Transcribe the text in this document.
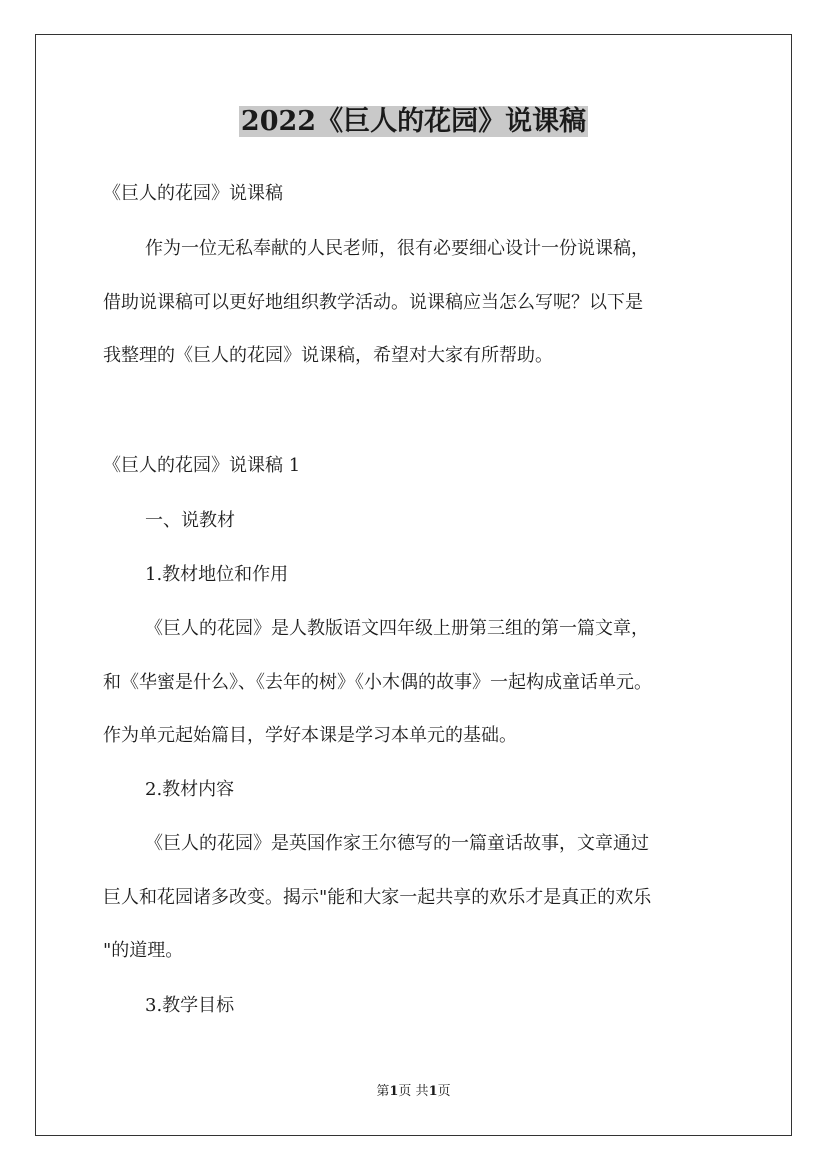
2022《巨人的花园》说课稿
《巨人的花园》说课稿
作为一位无私奉献的人民老师，很有必要细心设计一份说课稿，
借助说课稿可以更好地组织教学活动。说课稿应当怎么写呢？以下是
我整理的《巨人的花园》说课稿，希望对大家有所帮助。
《巨人的花园》说课稿 1
一、说教材
1.教材地位和作用
《巨人的花园》是人教版语文四年级上册第三组的第一篇文章，
和《华蜜是什么》、《去年的树》《小木偶的故事》一起构成童话单元。
作为单元起始篇目，学好本课是学习本单元的基础。
2.教材内容
《巨人的花园》是英国作家王尔德写的一篇童话故事，文章通过
巨人和花园诸多改变。揭示"能和大家一起共享的欢乐才是真正的欢乐
"的道理。
3.教学目标
第1页 共1页
